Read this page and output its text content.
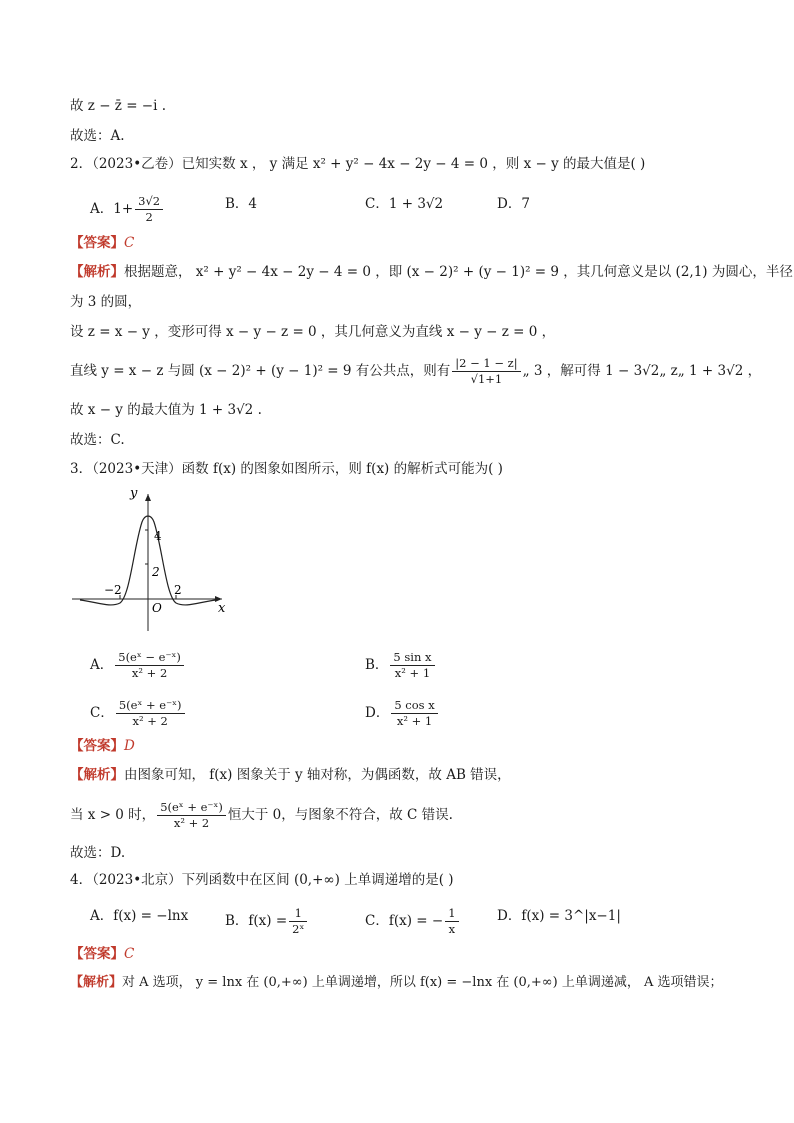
故 z − z̄ = −i .
故选：A.
2．（2023•乙卷）已知实数 x ， y 满足 x² + y² − 4x − 2y − 4 = 0 ，则 x − y 的最大值是( )
A．$1+ \frac{3√2}{2}$	B．4	C．1 + 3√2	D．7
【答案】C
【解析】根据题意， x² + y² − 4x − 2y − 4 = 0 ，即 (x − 2)² + (y − 1)² = 9 ，其几何意义是以 (2,1) 为圆心，半径
为 3 的圆，
设 z = x − y ，变形可得 x − y − z = 0 ，其几何意义为直线 x − y − z = 0 ，
直线 y = x − z 与圆 (x − 2)² + (y − 1)² = 9 有公共点，则有 $\frac{|2 - 1 - z|}{√1+1}$ „ 3 ，解可得 1 − 3√2„ z„ 1 + 3√2 ，
故 x − y 的最大值为 1 + 3√2 .
故选：C.
3．（2023•天津）函数 f(x) 的图象如图所示，则 f(x) 的解析式可能为( )
y
x
O
4
2
−2	2
A． $\frac{\text{5(eˣ − e⁻ˣ)}}{\text{x² + 2}}$	B． $\frac{\text{5 sin x}}{\text{x² + 1}}$
C． $\frac{\text{5(eˣ + e⁻ˣ)}}{\text{x² + 2}}$	D． $\frac{\text{5 cos x}}{\text{x² + 1}}$
【答案】D
【解析】由图象可知， f(x) 图象关于 y 轴对称，为偶函数，故 AB 错误，
当 x > 0 时， $\frac{\text{5(eˣ + e⁻ˣ)}}{\text{x² + 2}}$ 恒大于 0，与图象不符合，故 C 错误.
故选：D.
4．（2023•北京）下列函数中在区间 (0,+∞) 上单调递增的是( )
A．f(x) = −lnx	B．$f(x) = \frac{1}{\text{2ˣ}}$	C．f(x) = − $\frac{1}{x}$	D．f(x) = 3^|x−1|
【答案】C
【解析】对 A 选项， y = lnx 在 (0,+∞) 上单调递增，所以 f(x) = −lnx 在 (0,+∞) 上单调递减， A 选项错误；
